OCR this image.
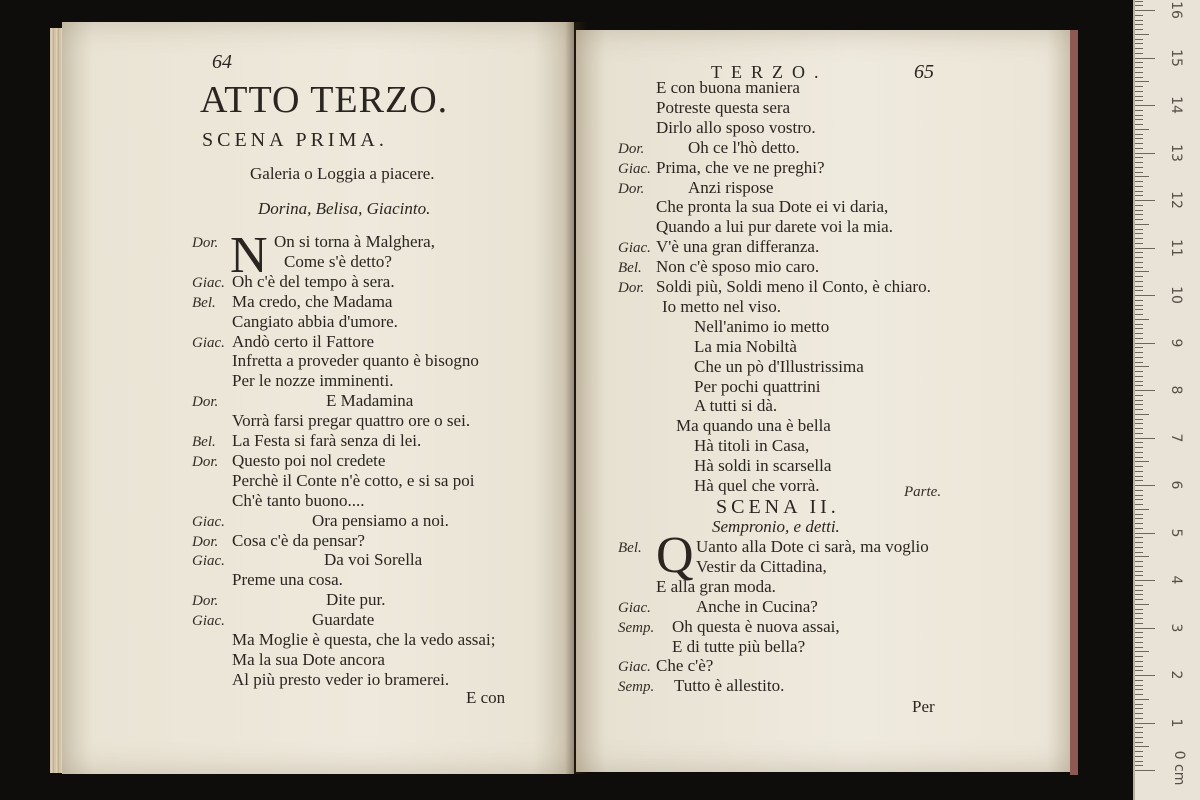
64
ATTO TERZO.
SCENA PRIMA.
Galeria o Loggia a piacere.
Dorina, Belisa, Giacinto.
N
Dor.	On si torna à Malghera,
Come s'è detto?
Giac. Oh c'è del tempo à sera.
Bel. Ma credo, che Madama
Cangiato abbia d'umore.
Giac. Andò certo il Fattore
Infretta a proveder quanto è bisogno
Per le nozze imminenti.
Dor.	E Madamina
Vorrà farsi pregar quattro ore o sei.
Bel. La Festa si farà senza di lei.
Dor. Questo poi nol credete
Perchè il Conte n'è cotto, e si sa poi
Ch'è tanto buono....
Giac.	Ora pensiamo a noi.
Dor. Cosa c'è da pensar?
Giac.	Da voi Sorella
Preme una cosa.
Dor.	Dite pur.
Giac.	Guardate
Ma Moglie è questa, che la vedo assai;
Ma la sua Dote ancora
Al più presto veder io bramerei.
E con
TERZO.	65
E con buona maniera
Potreste questa sera
Dirlo allo sposo vostro.
Dor.	Oh ce l'hò detto.
Giac. Prima, che ve ne preghi?
Dor.	Anzi rispose
Che pronta la sua Dote ei vi daria,
Quando a lui pur darete voi la mia.
Giac. V'è una gran differanza.
Bel. Non c'è sposo mio caro.
Dor. Soldi più, Soldi meno il Conto, è chiaro.
Io metto nel viso.
Nell'animo io metto
La mia Nobiltà
Che un pò d'Illustrissima
Per pochi quattrini
A tutti si dà.
Ma quando una è bella
Hà titoli in Casa,
Hà soldi in scarsella
Hà quel che vorrà.	Parte.
SCENA II.
Sempronio, e detti.
Q
Bel.	Uanto alla Dote ci sarà, ma voglio
Vestir da Cittadina,
E alla gran moda.
Giac.	Anche in Cucina?
Semp. Oh questa è nuova assai,
E di tutte più bella?
Giac. Che c'è?
Semp. Tutto è allestito.
Per
1
2
3
4
5
6
7
8
9
10
11
12
13
14
15
16
0 cm
